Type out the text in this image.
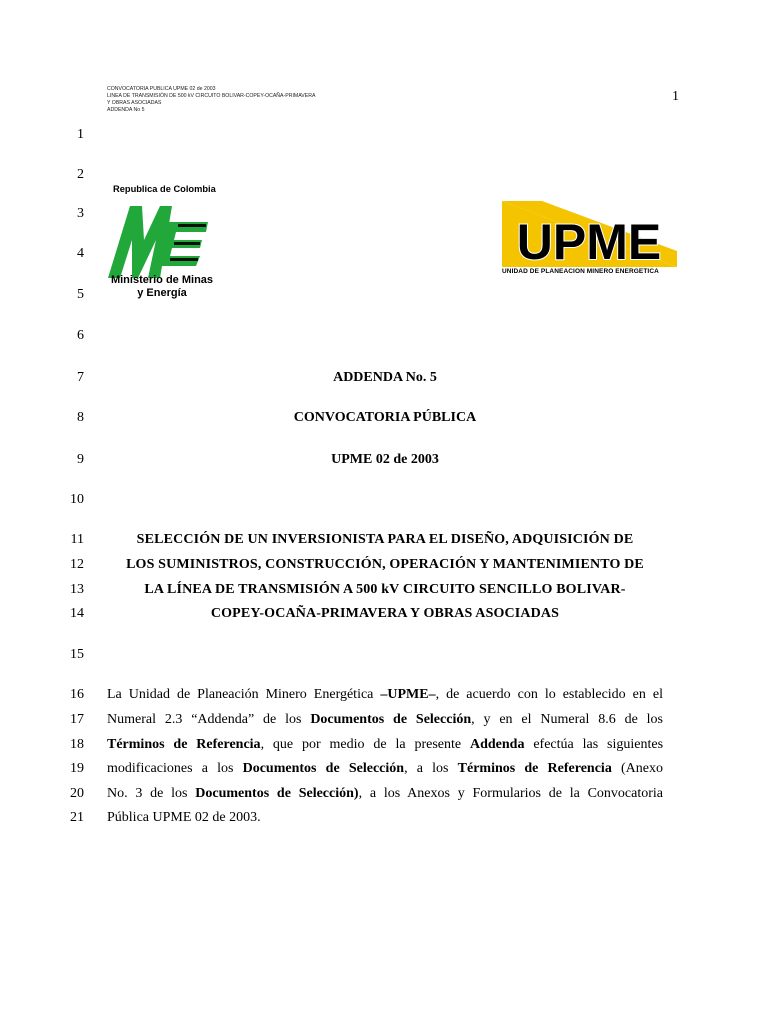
CONVOCATORIA PUBLICA UPME 02 de 2003
LINEA DE TRANSMISIÓN DE 500 kV CIRCUITO BOLIVAR-COPEY-OCAÑA-PRIMAVERA
Y OBRAS ASOCIADAS
ADDENDA No 5
1
1
2
3
4
5
6
7
8
9
10
11
12
13
14
15
16
17
18
19
20
21
Republica de Colombia
Ministerio de Minas
y Energía
UPME
UNIDAD DE PLANEACION MINERO ENERGETICA
ADDENDA No. 5
CONVOCATORIA PÚBLICA
UPME 02 de 2003
SELECCIÓN DE UN INVERSIONISTA PARA EL DISEÑO, ADQUISICIÓN DE
LOS SUMINISTROS, CONSTRUCCIÓN, OPERACIÓN Y MANTENIMIENTO DE
LA LÍNEA DE TRANSMISIÓN A 500 kV CIRCUITO SENCILLO BOLIVAR-
COPEY-OCAÑA-PRIMAVERA Y OBRAS ASOCIADAS
La Unidad de Planeación Minero Energética –UPME–, de acuerdo con lo establecido en el
Numeral 2.3 “Addenda” de los Documentos de Selección, y en el Numeral 8.6 de los
Términos de Referencia, que por medio de la presente Addenda efectúa las siguientes
modificaciones a los Documentos de Selección, a los Términos de Referencia (Anexo
No. 3 de los Documentos de Selección), a los Anexos y Formularios de la Convocatoria
Pública UPME 02 de 2003.
